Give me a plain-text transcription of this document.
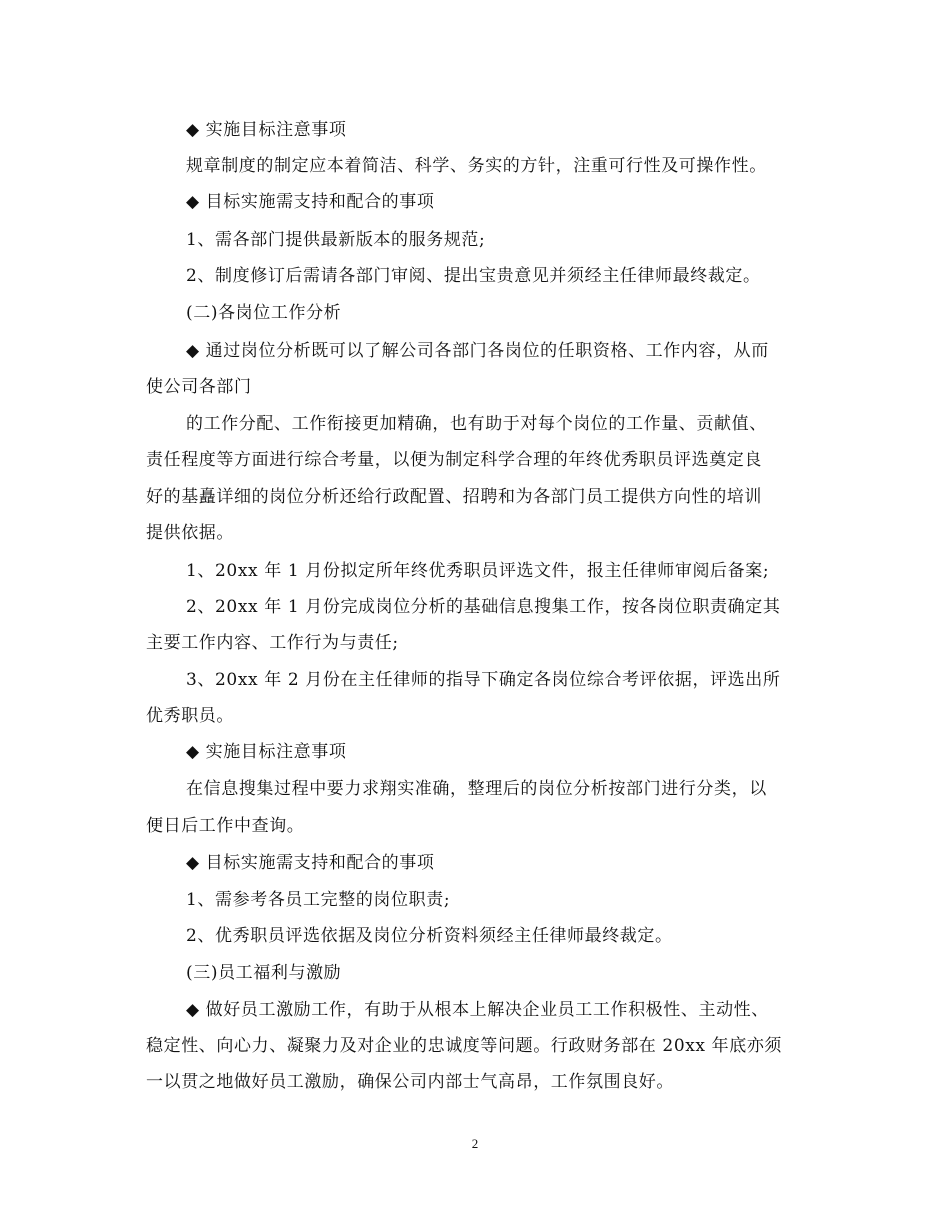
◆ 实施目标注意事项
规章制度的制定应本着简洁、科学、务实的方针，注重可行性及可操作性。
◆ 目标实施需支持和配合的事项
1、需各部门提供最新版本的服务规范;
2、制度修订后需请各部门审阅、提出宝贵意见并须经主任律师最终裁定。
(二)各岗位工作分析
◆ 通过岗位分析既可以了解公司各部门各岗位的任职资格、工作内容，从而
使公司各部门
的工作分配、工作衔接更加精确，也有助于对每个岗位的工作量、贡献值、
责任程度等方面进行综合考量，以便为制定科学合理的年终优秀职员评选奠定良
好的基矗详细的岗位分析还给行政配置、招聘和为各部门员工提供方向性的培训
提供依据。
1、20xx 年 1 月份拟定所年终优秀职员评选文件，报主任律师审阅后备案;
2、20xx 年 1 月份完成岗位分析的基础信息搜集工作，按各岗位职责确定其
主要工作内容、工作行为与责任;
3、20xx 年 2 月份在主任律师的指导下确定各岗位综合考评依据，评选出所
优秀职员。
◆ 实施目标注意事项
在信息搜集过程中要力求翔实准确，整理后的岗位分析按部门进行分类，以
便日后工作中查询。
◆ 目标实施需支持和配合的事项
1、需参考各员工完整的岗位职责;
2、优秀职员评选依据及岗位分析资料须经主任律师最终裁定。
(三)员工福利与激励
◆ 做好员工激励工作，有助于从根本上解决企业员工工作积极性、主动性、
稳定性、向心力、凝聚力及对企业的忠诚度等问题。行政财务部在 20xx 年底亦须
一以贯之地做好员工激励，确保公司内部士气高昂，工作氛围良好。
2
